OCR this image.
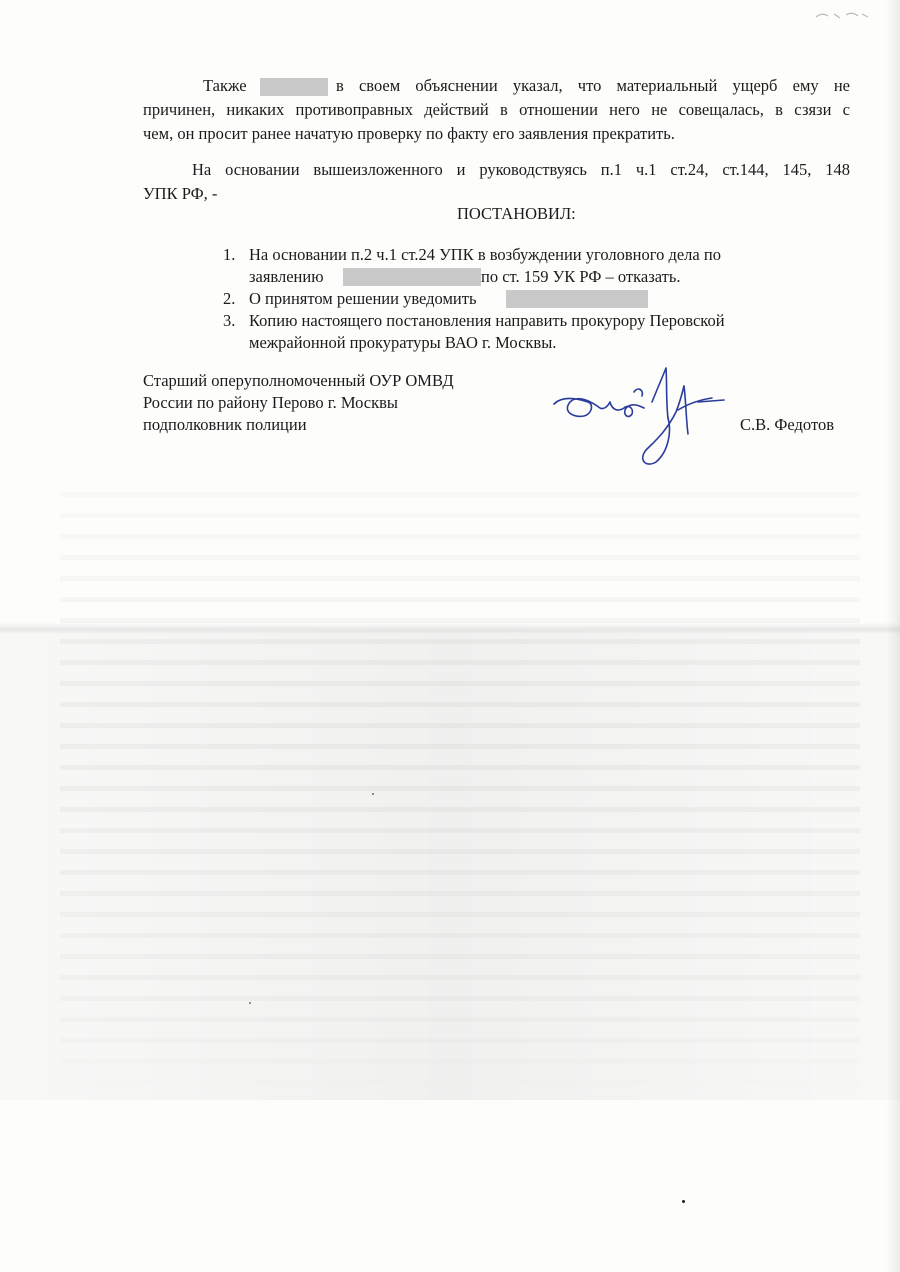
Также	в своем объяснении указал, что материальный ущерб ему не
причинен, никаких противоправных действий в отношении него не совещалась, в сзязи с
чем, он просит ранее начатую проверку по факту его заявления прекратить.
На основании вышеизложенного и руководствуясь п.1 ч.1 ст.24, ст.144, 145, 148
УПК РФ, -
ПОСТАНОВИЛ:
1. На основании п.2 ч.1 ст.24 УПК в возбуждении уголовного дела по
заявлению	по ст. 159 УК РФ – отказать.
2. О принятом решении уведомить
3. Копию настоящего постановления направить прокурору Перовской
межрайонной прокуратуры ВАО г. Москвы.
Старший оперуполномоченный ОУР ОМВД
России по району Перово г. Москвы
подполковник полиции	С.В. Федотов
